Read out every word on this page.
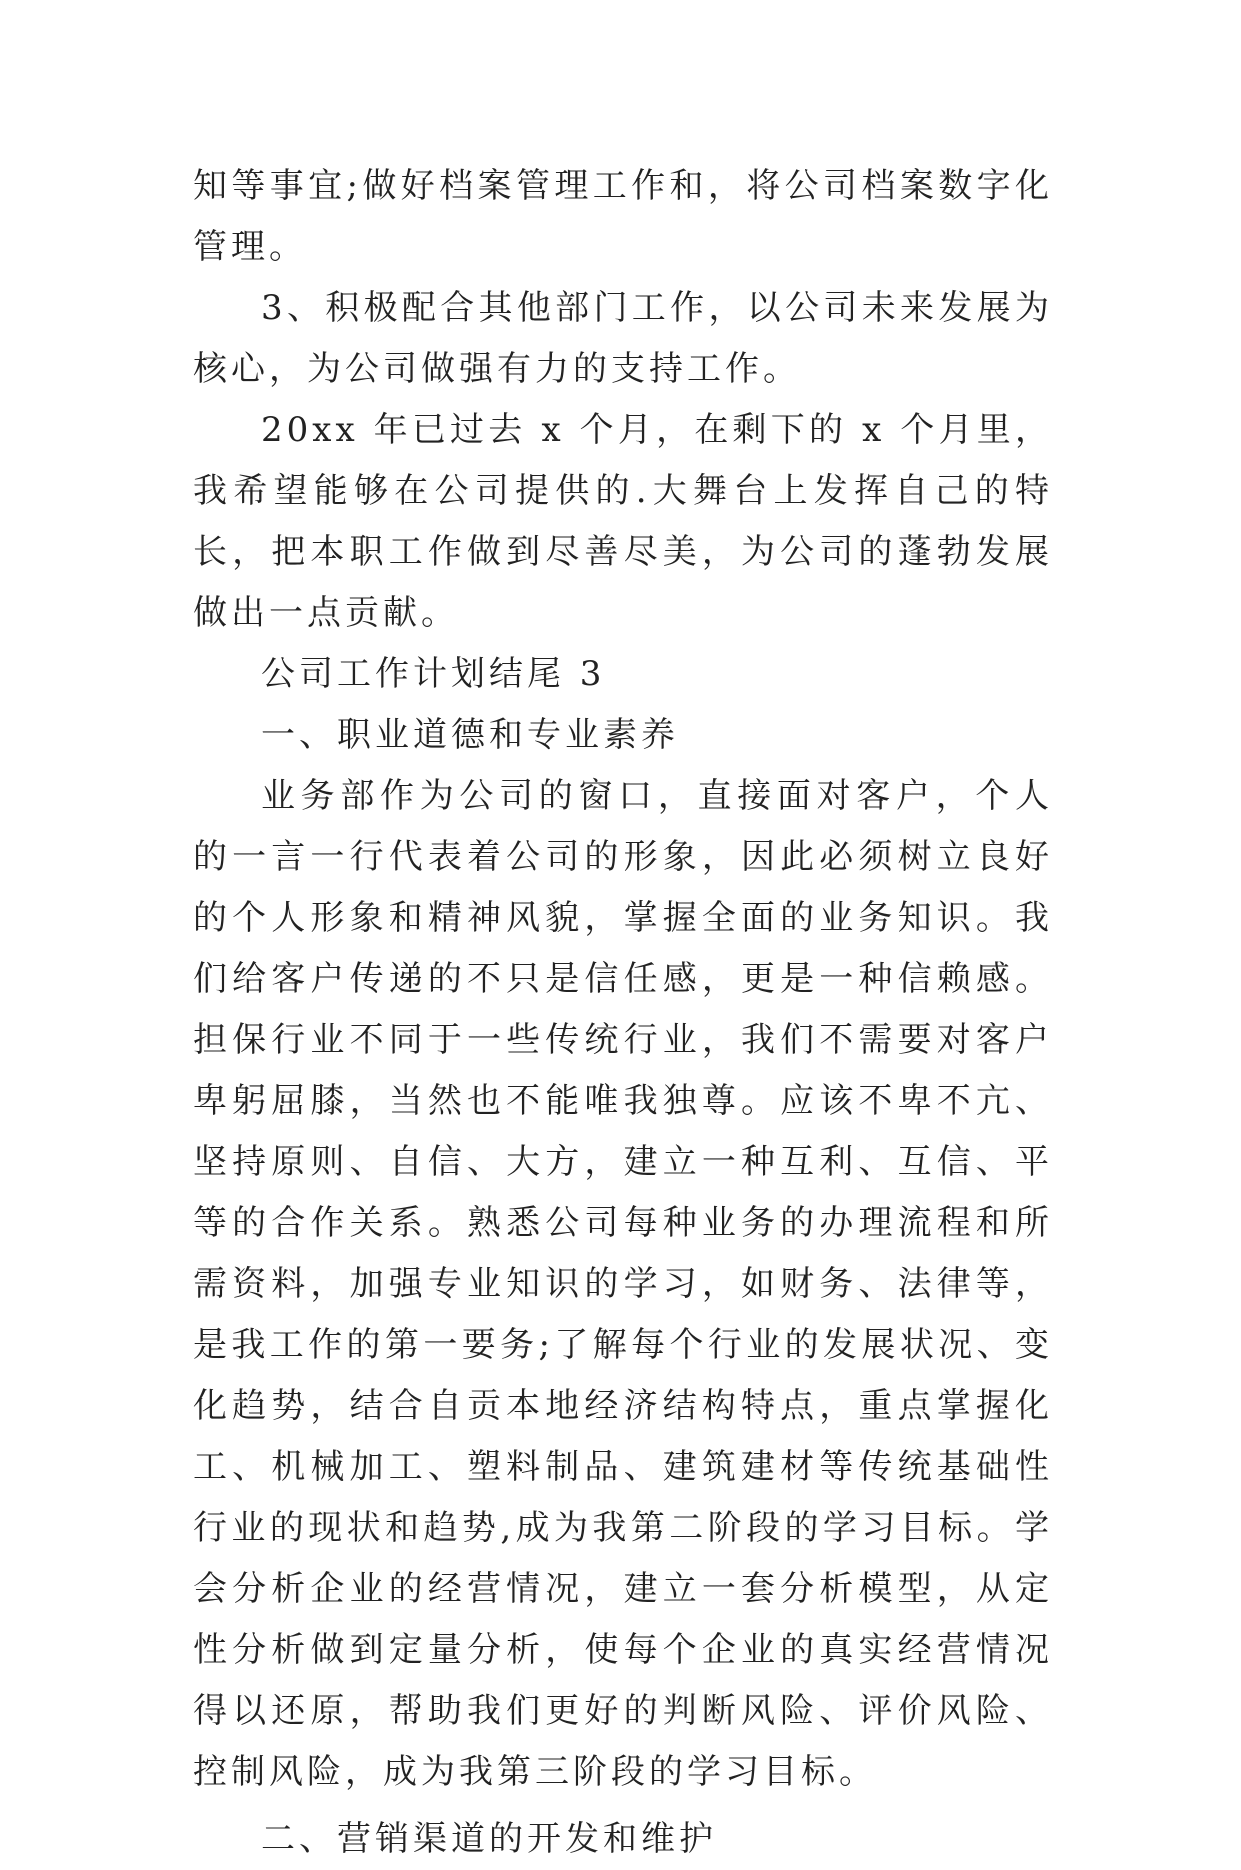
知等事宜;做好档案管理工作和，将公司档案数字化管理。

3、积极配合其他部门工作，以公司未来发展为核心，为公司做强有力的支持工作。

20xx 年已过去 x 个月，在剩下的 x 个月里，我希望能够在公司提供的.大舞台上发挥自己的特长，把本职工作做到尽善尽美，为公司的蓬勃发展做出一点贡献。

公司工作计划结尾 3

一、职业道德和专业素养

业务部作为公司的窗口，直接面对客户，个人的一言一行代表着公司的形象，因此必须树立良好的个人形象和精神风貌，掌握全面的业务知识。我们给客户传递的不只是信任感，更是一种信赖感。担保行业不同于一些传统行业，我们不需要对客户卑躬屈膝，当然也不能唯我独尊。应该不卑不亢、坚持原则、自信、大方，建立一种互利、互信、平等的合作关系。熟悉公司每种业务的办理流程和所需资料，加强专业知识的学习，如财务、法律等，是我工作的第一要务;了解每个行业的发展状况、变化趋势，结合自贡本地经济结构特点，重点掌握化工、机械加工、塑料制品、建筑建材等传统基础性行业的现状和趋势,成为我第二阶段的学习目标。学会分析企业的经营情况，建立一套分析模型，从定性分析做到定量分析，使每个企业的真实经营情况得以还原，帮助我们更好的判断风险、评价风险、控制风险，成为我第三阶段的学习目标。

二、营销渠道的开发和维护
